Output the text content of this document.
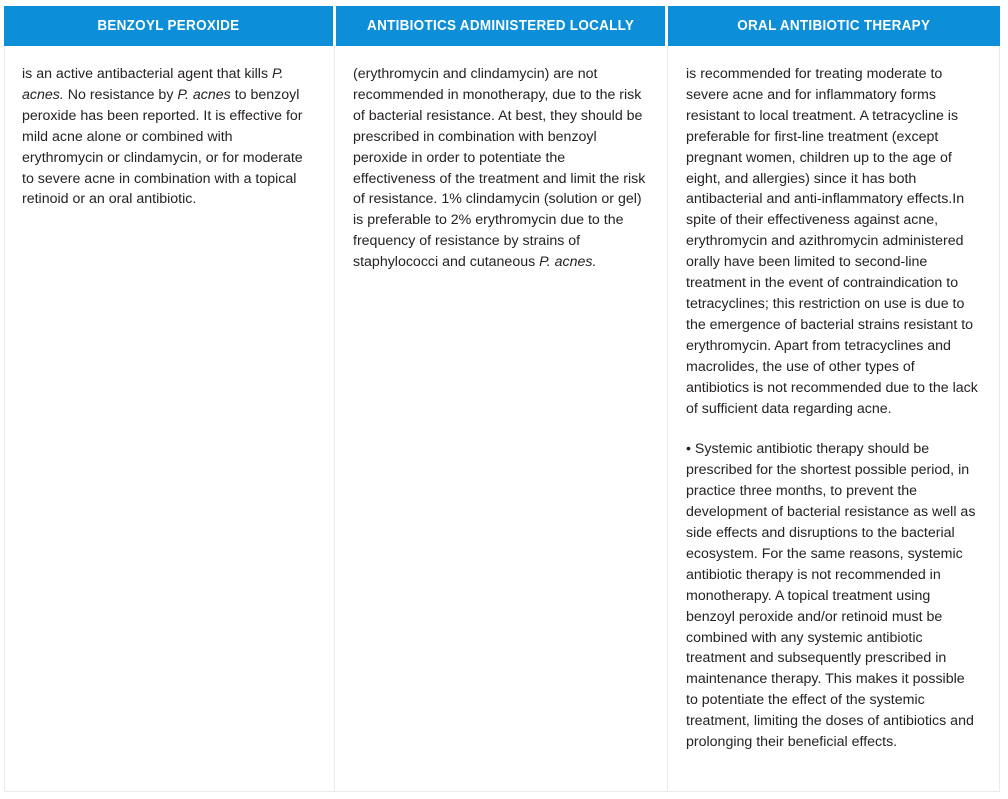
BENZOYL PEROXIDE	ANTIBIOTICS ADMINISTERED LOCALLY	ORAL ANTIBIOTIC THERAPY

is an active antibacterial agent that kills P. acnes. No resistance by P. acnes to benzoyl peroxide has been reported. It is effective for mild acne alone or combined with erythromycin or clindamycin, or for moderate to severe acne in combination with a topical retinoid or an oral antibiotic.

(erythromycin and clindamycin) are not recommended in monotherapy, due to the risk of bacterial resistance. At best, they should be prescribed in combination with benzoyl peroxide in order to potentiate the effectiveness of the treatment and limit the risk of resistance. 1% clindamycin (solution or gel) is preferable to 2% erythromycin due to the frequency of resistance by strains of staphylococci and cutaneous P. acnes.

is recommended for treating moderate to severe acne and for inflammatory forms resistant to local treatment. A tetracycline is preferable for first-line treatment (except pregnant women, children up to the age of eight, and allergies) since it has both antibacterial and anti-inflammatory effects.In spite of their effectiveness against acne, erythromycin and azithromycin administered orally have been limited to second-line treatment in the event of contraindication to tetracyclines; this restriction on use is due to the emergence of bacterial strains resistant to erythromycin. Apart from tetracyclines and macrolides, the use of other types of antibiotics is not recommended due to the lack of sufficient data regarding acne.

• Systemic antibiotic therapy should be prescribed for the shortest possible period, in practice three months, to prevent the development of bacterial resistance as well as side effects and disruptions to the bacterial ecosystem. For the same reasons, systemic antibiotic therapy is not recommended in monotherapy. A topical treatment using benzoyl peroxide and/or retinoid must be combined with any systemic antibiotic treatment and subsequently prescribed in maintenance therapy. This makes it possible to potentiate the effect of the systemic treatment, limiting the doses of antibiotics and prolonging their beneficial effects.
